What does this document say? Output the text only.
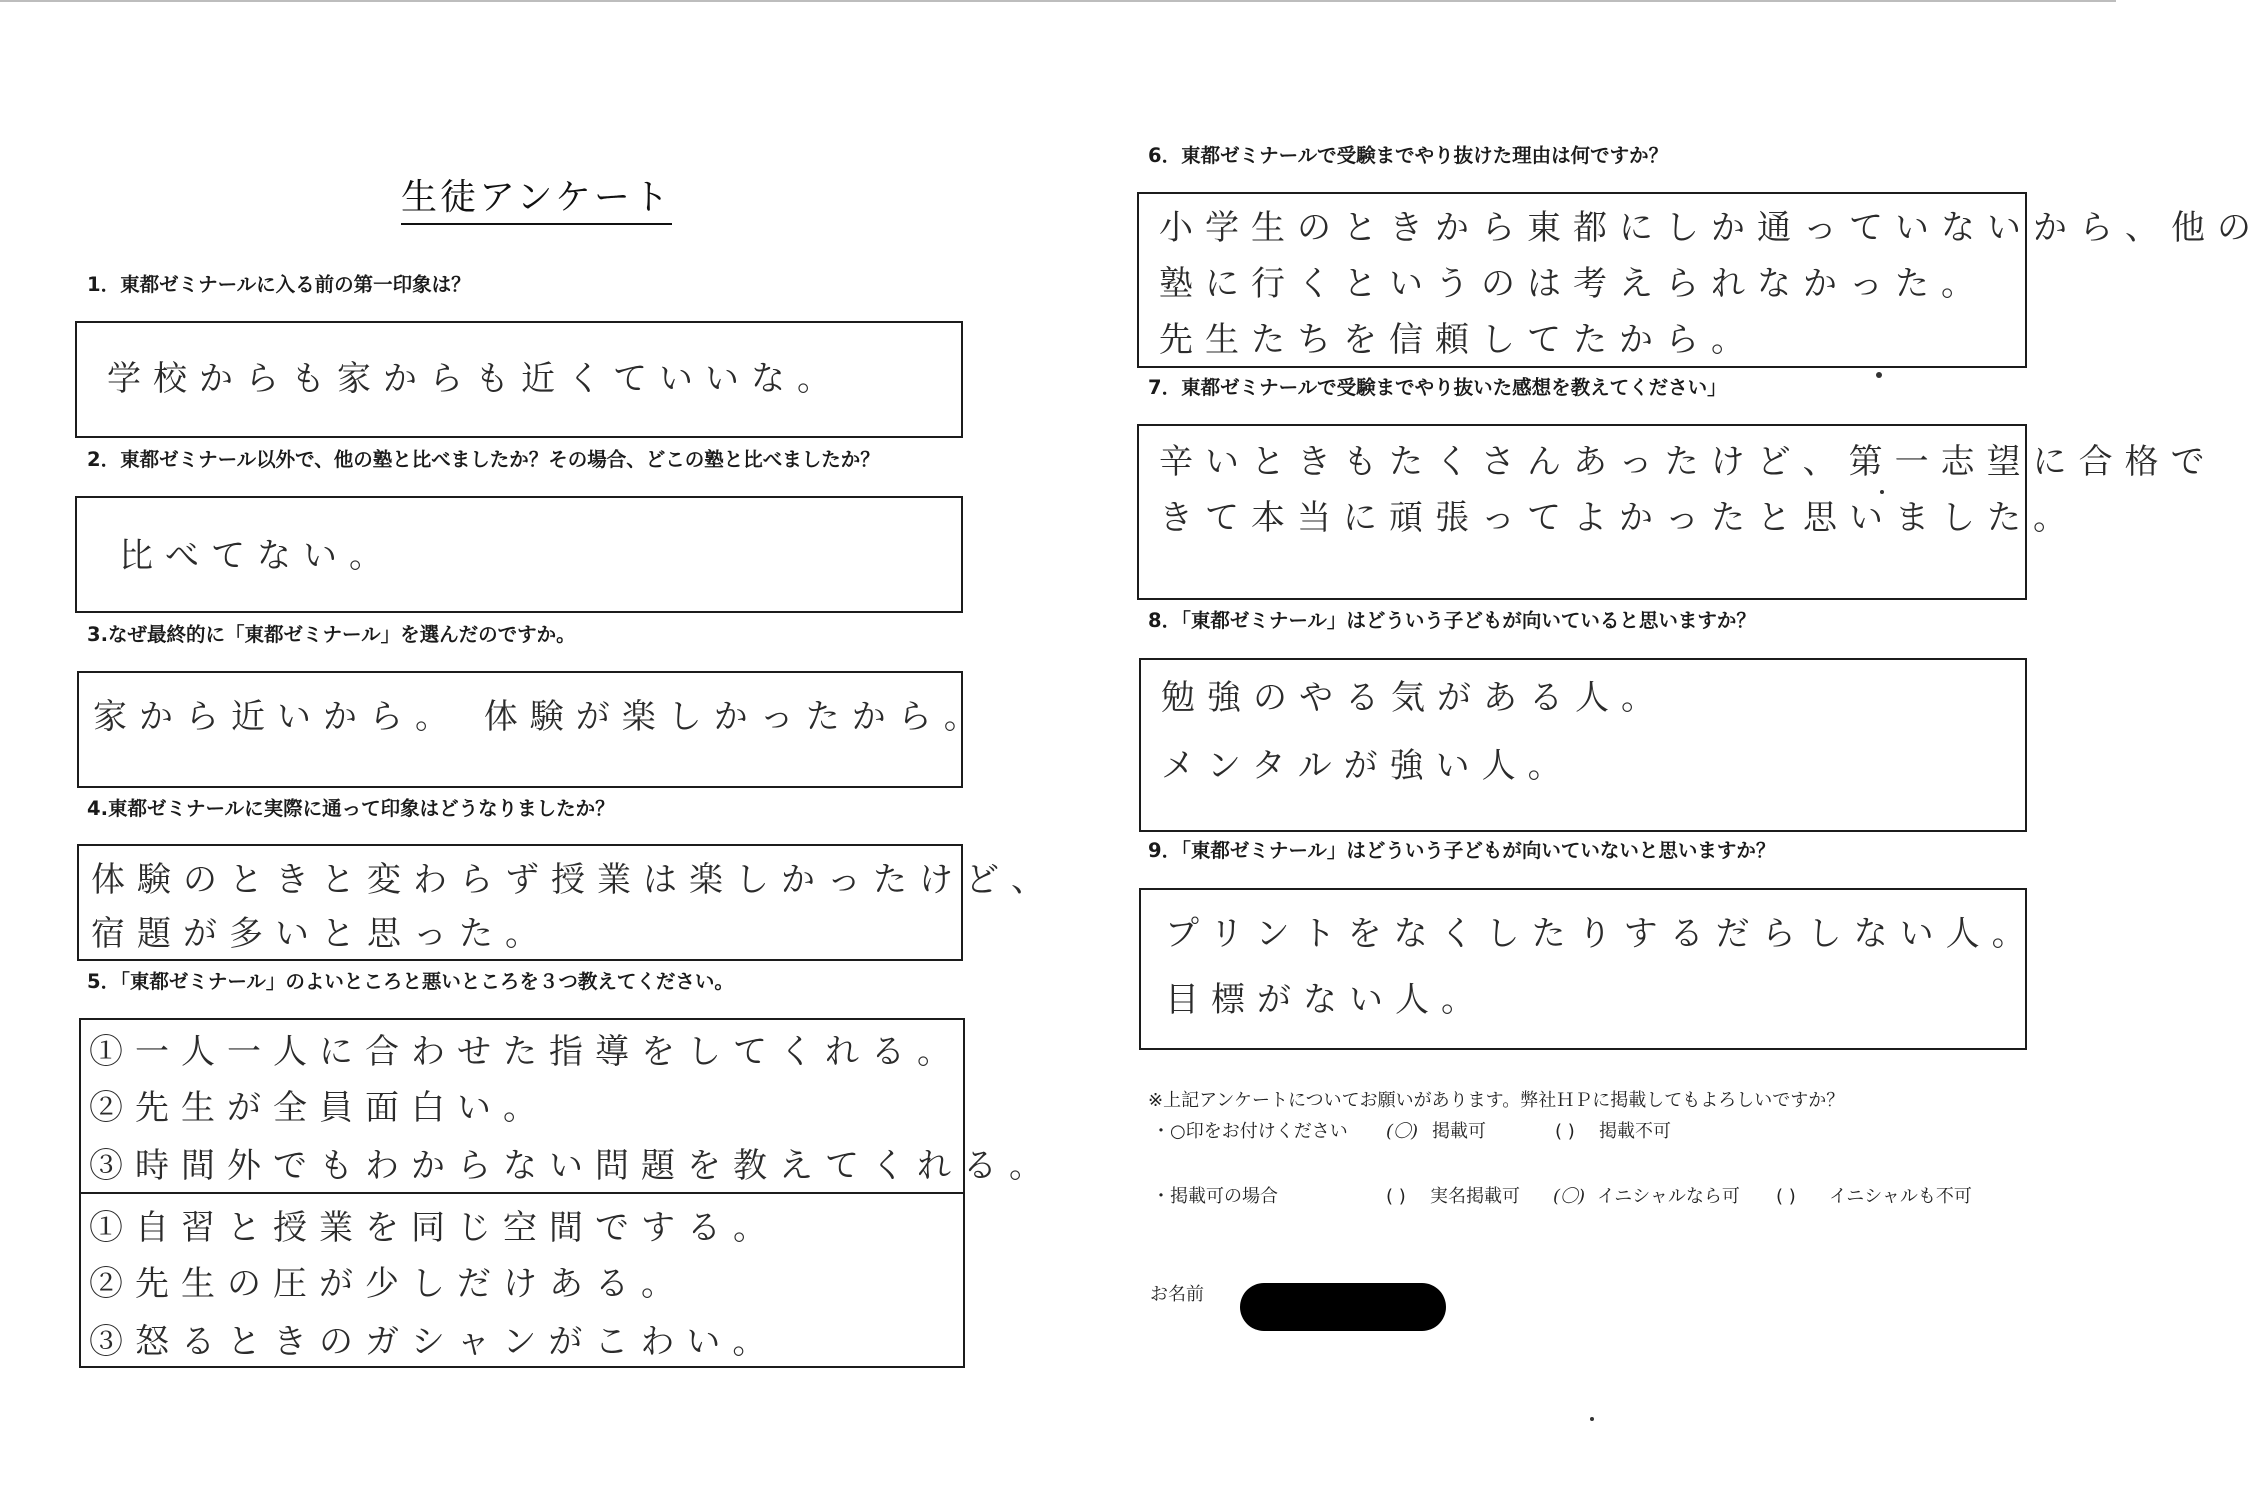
生徒アンケート
1．東都ゼミナールに入る前の第一印象は？
学校からも家からも近くていいな。
2．東都ゼミナール以外で、他の塾と比べましたか？その場合、どこの塾と比べましたか？
比べてない。
3.なぜ最終的に「東都ゼミナール」を選んだのですか。
家から近いから。 体験が楽しかったから。
4.東都ゼミナールに実際に通って印象はどうなりましたか？
体験のときと変わらず授業は楽しかったけど、
宿題が多いと思った。
5．「東都ゼミナール」のよいところと悪いところを３つ教えてください。
①一人一人に合わせた指導をしてくれる。
②先生が全員面白い。
③時間外でもわからない問題を教えてくれる。
①自習と授業を同じ空間でする。
②先生の圧が少しだけある。
③怒るときのガシャンがこわい。
6．東都ゼミナールで受験までやり抜けた理由は何ですか？
小学生のときから東都にしか通っていないから、他の
塾に行くというのは考えられなかった。
先生たちを信頼してたから。
7．東都ゼミナールで受験までやり抜いた感想を教えてください」
辛いときもたくさんあったけど、第一志望に合格で
きて本当に頑張ってよかったと思いました。
8．「東都ゼミナール」はどういう子どもが向いていると思いますか？
勉強のやる気がある人。
メンタルが強い人。
9．「東都ゼミナール」はどういう子どもが向いていないと思いますか？
プリントをなくしたりするだらしない人。
目標がない人。
※上記アンケートについてお願いがあります。弊社ＨＰに掲載してもよろしいですか？
・○印をお付けください (〇) 掲載可	( ) 掲載不可
・掲載可の場合	( ) 実名掲載可 (〇) イニシャルなら可 ( ) イニシャルも不可
お名前
